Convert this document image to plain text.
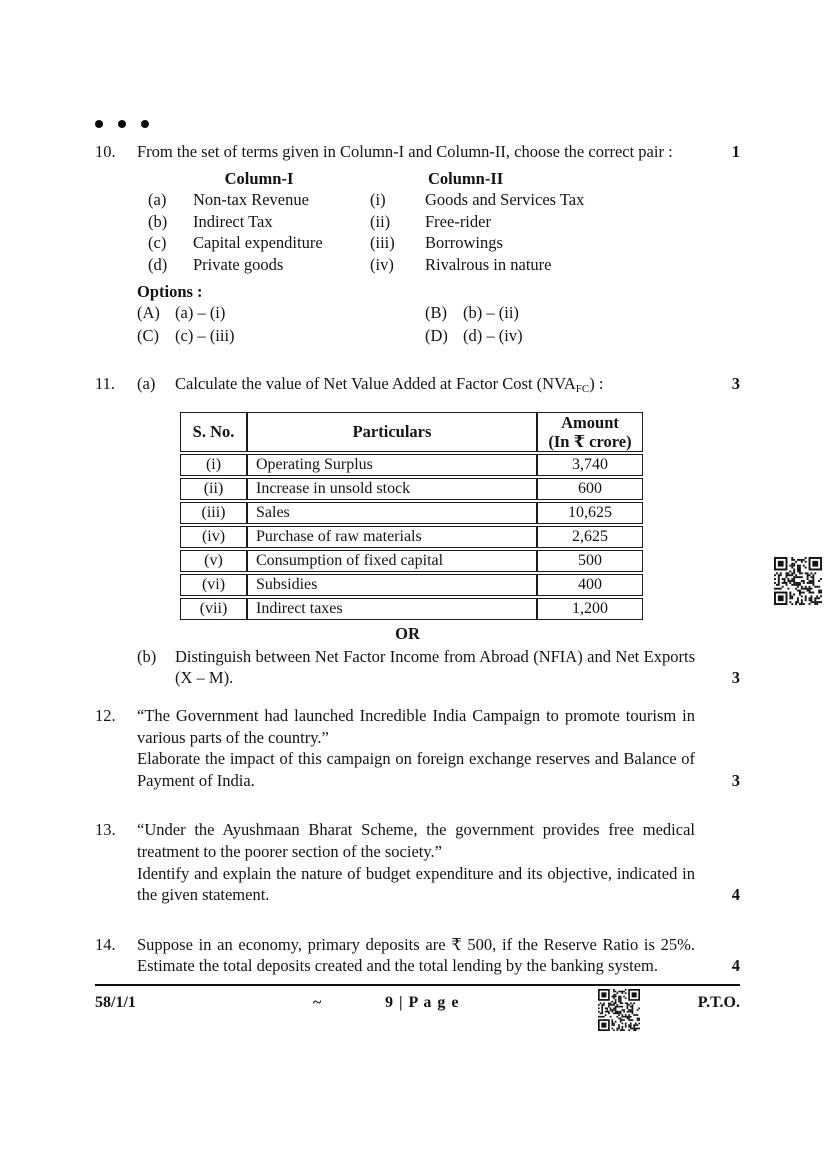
10.	From the set of terms given in Column-I and Column-II, choose the correct pair :	1
Column-I	Column-II
(a)	Non-tax Revenue	(i)	Goods and Services Tax
(b)	Indirect Tax	(ii)	Free-rider
(c)	Capital expenditure	(iii)	Borrowings
(d)	Private goods	(iv)	Rivalrous in nature
Options :
(A) (a) – (i)	(B) (b) – (ii)
(C) (c) – (iii)	(D) (d) – (iv)
11.	(a)	Calculate the value of Net Value Added at Factor Cost $(NVA_{FC})$ :	3
S. No.	Particulars	Amount
(In ₹ crore)
(i)	Operating Surplus	3,740
(ii)	Increase in unsold stock	600
(iii)	Sales	10,625
(iv)	Purchase of raw materials	2,625
(v)	Consumption of fixed capital	500
(vi)	Subsidies	400
(vii)	Indirect taxes	1,200
OR
(b)	Distinguish between Net Factor Income from Abroad (NFIA) and Net Exports (X – M).	3
12.	“The Government had launched Incredible India Campaign to promote tourism in various parts of the country.”
Elaborate the impact of this campaign on foreign exchange reserves and Balance of Payment of India.	3
13.	“Under the Ayushmaan Bharat Scheme, the government provides free medical treatment to the poorer section of the society.”
Identify and explain the nature of budget expenditure and its objective, indicated in the given statement.	4
14.	Suppose in an economy, primary deposits are ₹ 500, if the Reserve Ratio is 25%. Estimate the total deposits created and the total lending by the banking system.	4
58/1/1	~	9 | P a g e	P.T.O.
